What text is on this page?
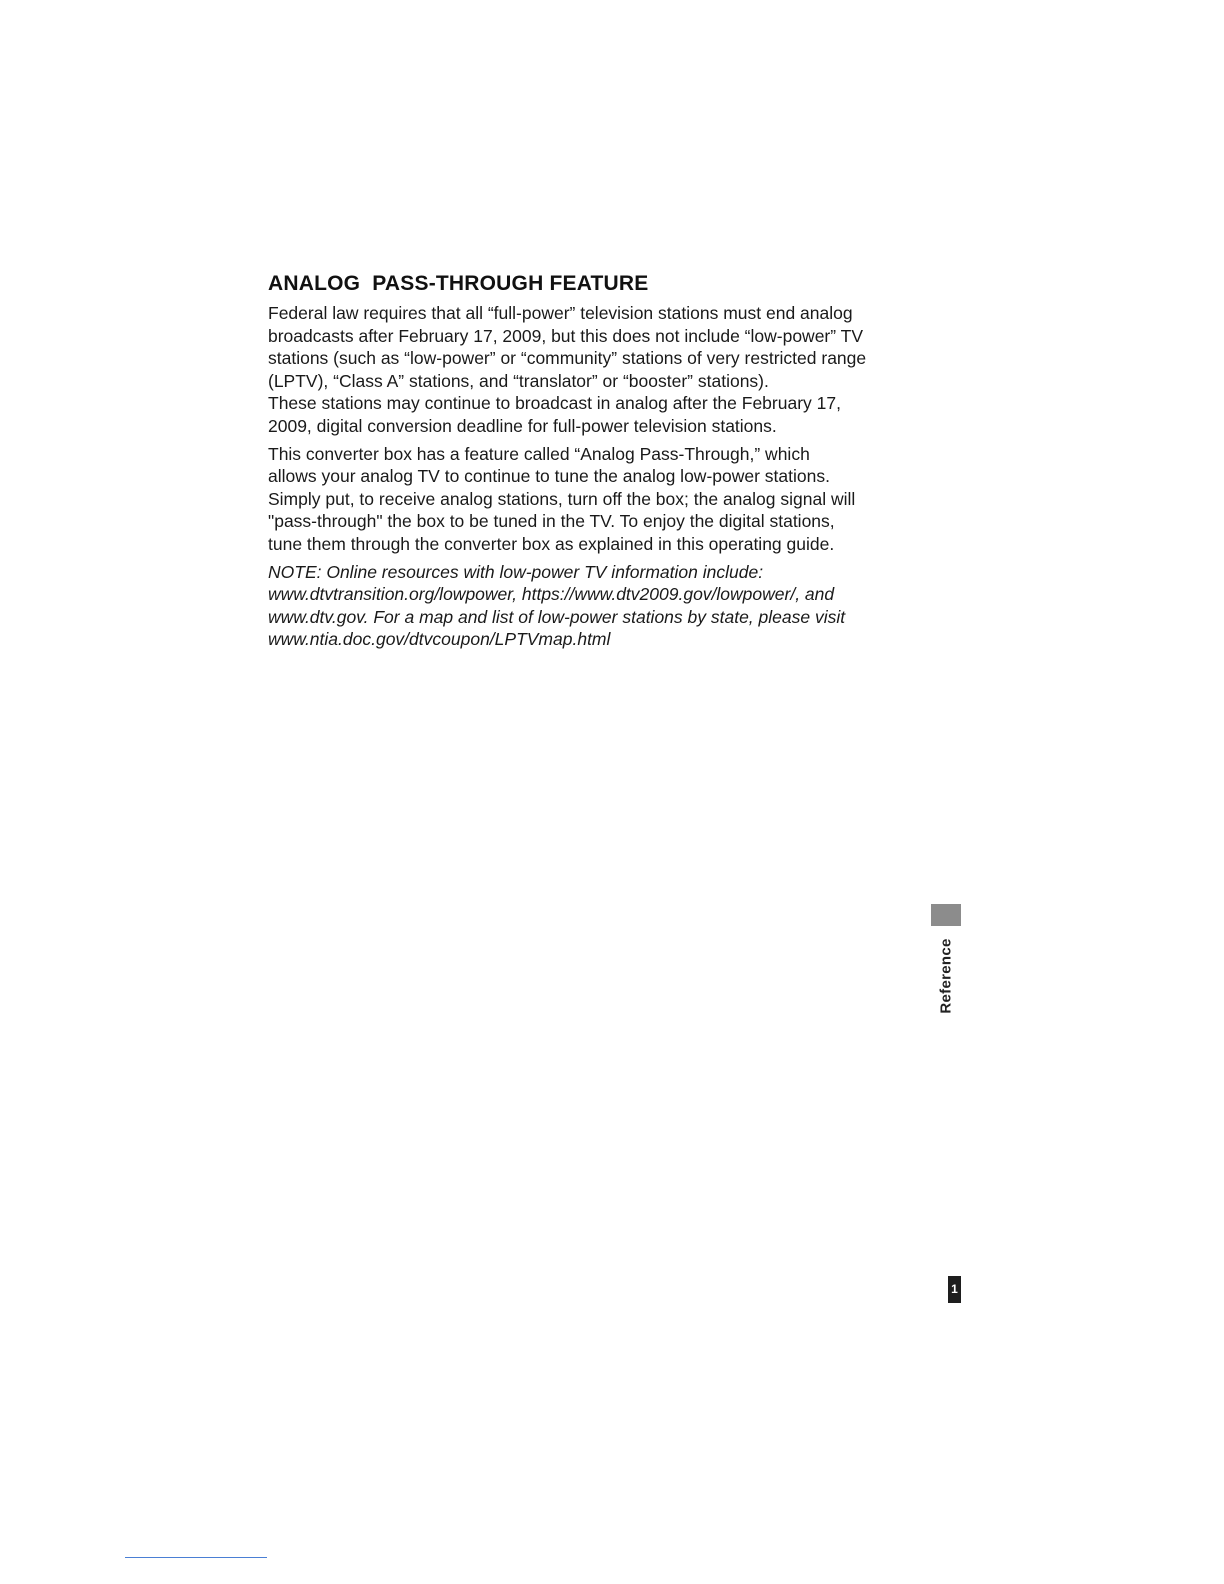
ANALOG  PASS-THROUGH FEATURE

Federal law requires that all “full-power” television stations must end analog
broadcasts after February 17, 2009, but this does not include “low-power” TV
stations (such as “low-power” or “community” stations of very restricted range
(LPTV), “Class A” stations, and “translator” or “booster” stations).
These stations may continue to broadcast in analog after the February 17,
2009, digital conversion deadline for full-power television stations.

This converter box has a feature called “Analog Pass-Through,” which
allows your analog TV to continue to tune the analog low-power stations.
Simply put, to receive analog stations, turn off the box; the analog signal will
"pass-through" the box to be tuned in the TV. To enjoy the digital stations,
tune them through the converter box as explained in this operating guide.

NOTE: Online resources with low-power TV information include:
www.dtvtransition.org/lowpower, https://www.dtv2009.gov/lowpower/, and
www.dtv.gov. For a map and list of low-power stations by state, please visit
www.ntia.doc.gov/dtvcoupon/LPTVmap.html

Reference
1
